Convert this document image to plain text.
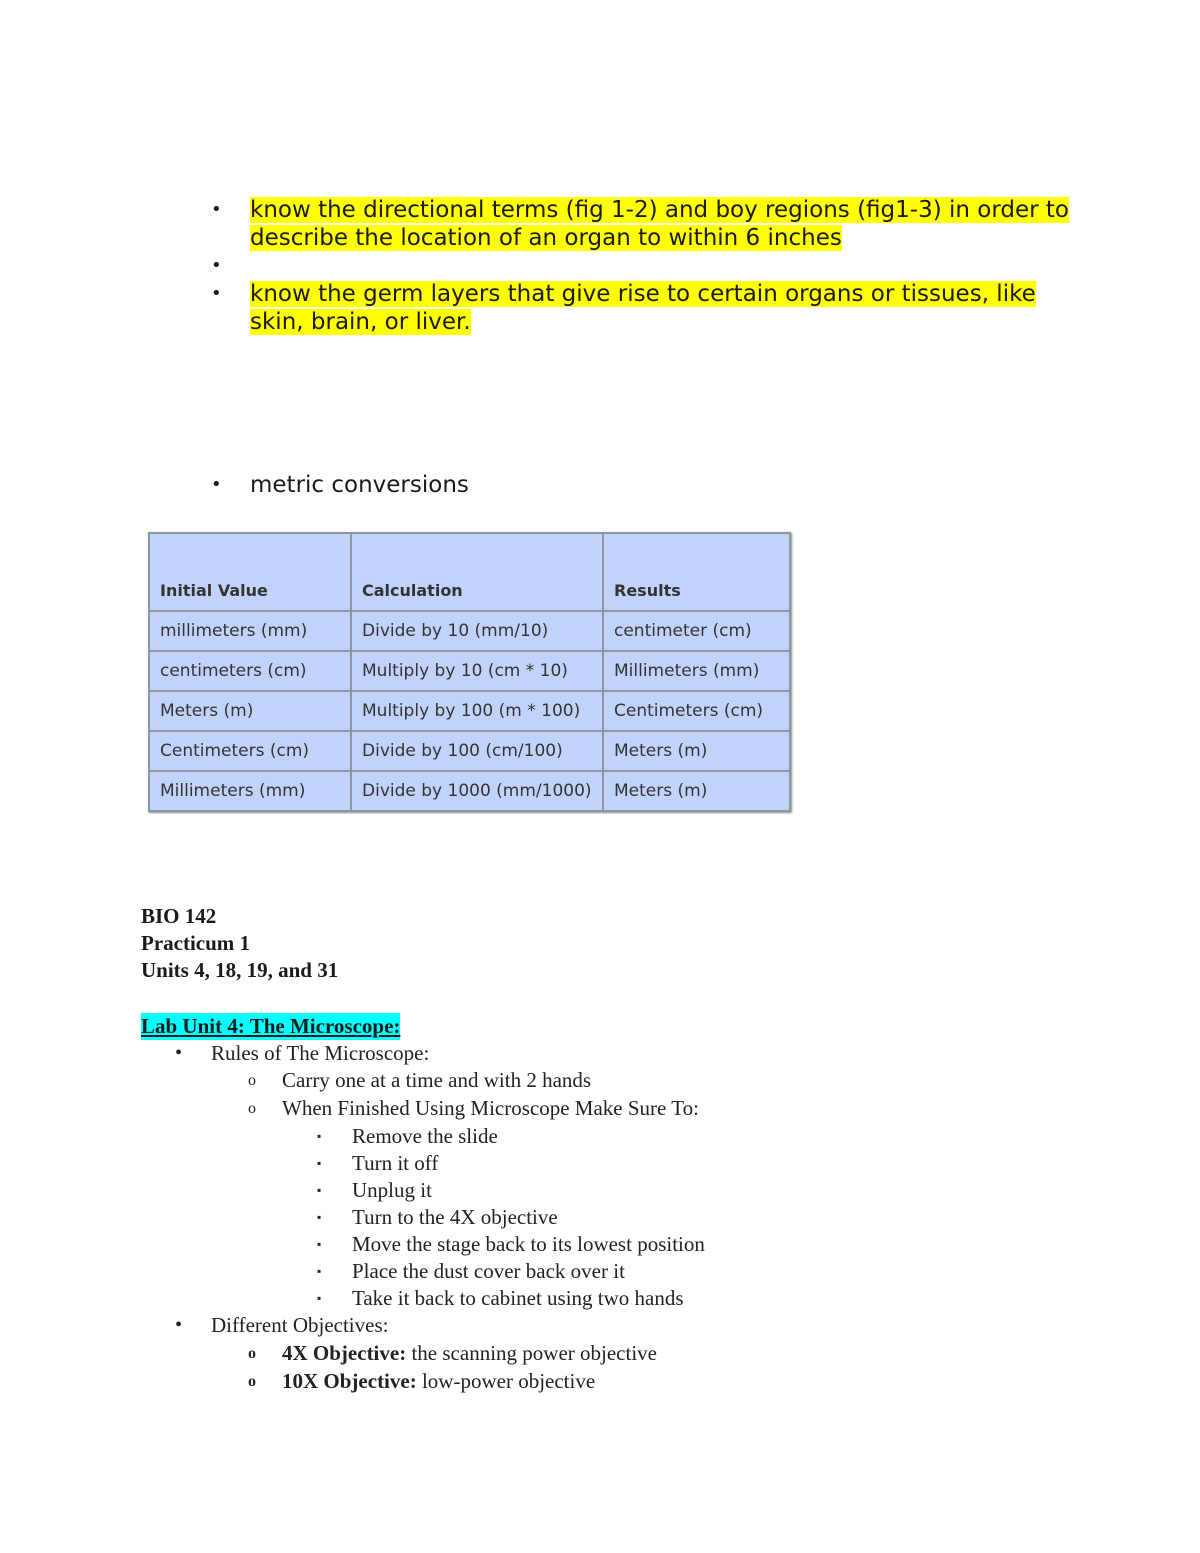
• know the directional terms (fig 1-2) and boy regions (fig1-3) in order to describe the location of an organ to within 6 inches
•
• know the germ layers that give rise to certain organs or tissues, like skin, brain, or liver.
• metric conversions
Initial Value	Calculation	Results
millimeters (mm)	Divide by 10 (mm/10)	centimeter (cm)
centimeters (cm)	Multiply by 10 (cm * 10)	Millimeters (mm)
Meters (m)	Multiply by 100 (m * 100)	Centimeters (cm)
Centimeters (cm)	Divide by 100 (cm/100)	Meters (m)
Millimeters (mm)	Divide by 1000 (mm/1000)	Meters (m)
BIO 142
Practicum 1
Units 4, 18, 19, and 31
Lab Unit 4: The Microscope:
• Rules of The Microscope:
o Carry one at a time and with 2 hands
o When Finished Using Microscope Make Sure To:
▪ Remove the slide
▪ Turn it off
▪ Unplug it
▪ Turn to the 4X objective
▪ Move the stage back to its lowest position
▪ Place the dust cover back over it
▪ Take it back to cabinet using two hands
• Different Objectives:
o 4X Objective: the scanning power objective
o 10X Objective: low-power objective
